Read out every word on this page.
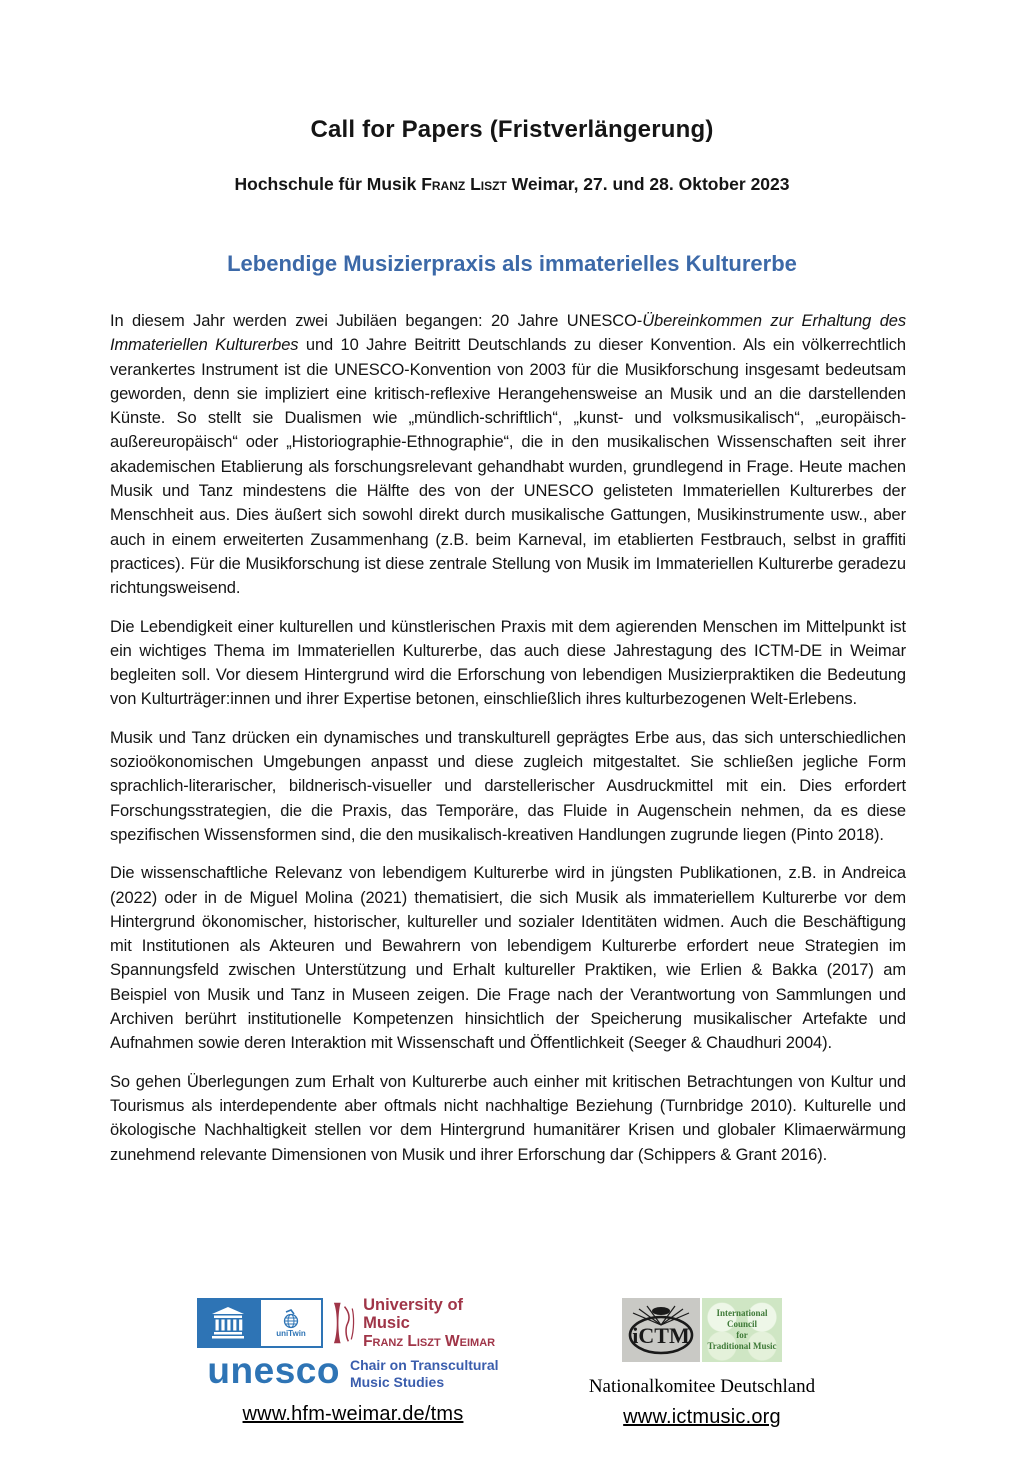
Call for Papers (Fristverlängerung)
Hochschule für Musik Franz Liszt Weimar, 27. und 28. Oktober 2023
Lebendige Musizierpraxis als immaterielles Kulturerbe

In diesem Jahr werden zwei Jubiläen begangen: 20 Jahre UNESCO-Übereinkommen zur Erhaltung des Immateriellen Kulturerbes und 10 Jahre Beitritt Deutschlands zu dieser Konvention. Als ein völkerrechtlich verankertes Instrument ist die UNESCO-Konvention von 2003 für die Musikforschung insgesamt bedeutsam geworden, denn sie impliziert eine kritisch-reflexive Herangehensweise an Musik und an die darstellenden Künste. So stellt sie Dualismen wie „mündlich-schriftlich“, „kunst- und volksmusikalisch“, „europäisch-außereuropäisch“ oder „Historiographie-Ethnographie“, die in den musikalischen Wissenschaften seit ihrer akademischen Etablierung als forschungsrelevant gehandhabt wurden, grundlegend in Frage. Heute machen Musik und Tanz mindestens die Hälfte des von der UNESCO gelisteten Immateriellen Kulturerbes der Menschheit aus. Dies äußert sich sowohl direkt durch musikalische Gattungen, Musikinstrumente usw., aber auch in einem erweiterten Zusammenhang (z.B. beim Karneval, im etablierten Festbrauch, selbst in graffiti practices). Für die Musikforschung ist diese zentrale Stellung von Musik im Immateriellen Kulturerbe geradezu richtungsweisend.

Die Lebendigkeit einer kulturellen und künstlerischen Praxis mit dem agierenden Menschen im Mittelpunkt ist ein wichtiges Thema im Immateriellen Kulturerbe, das auch diese Jahrestagung des ICTM-DE in Weimar begleiten soll. Vor diesem Hintergrund wird die Erforschung von lebendigen Musizierpraktiken die Bedeutung von Kulturträger:innen und ihrer Expertise betonen, einschließlich ihres kulturbezogenen Welt-Erlebens.

Musik und Tanz drücken ein dynamisches und transkulturell geprägtes Erbe aus, das sich unterschiedlichen sozioökonomischen Umgebungen anpasst und diese zugleich mitgestaltet. Sie schließen jegliche Form sprachlich-literarischer, bildnerisch-visueller und darstellerischer Ausdruckmittel mit ein. Dies erfordert Forschungsstrategien, die die Praxis, das Temporäre, das Fluide in Augenschein nehmen, da es diese spezifischen Wissensformen sind, die den musikalisch-kreativen Handlungen zugrunde liegen (Pinto 2018).

Die wissenschaftliche Relevanz von lebendigem Kulturerbe wird in jüngsten Publikationen, z.B. in Andreica (2022) oder in de Miguel Molina (2021) thematisiert, die sich Musik als immateriellem Kulturerbe vor dem Hintergrund ökonomischer, historischer, kultureller und sozialer Identitäten widmen. Auch die Beschäftigung mit Institutionen als Akteuren und Bewahrern von lebendigem Kulturerbe erfordert neue Strategien im Spannungsfeld zwischen Unterstützung und Erhalt kultureller Praktiken, wie Erlien & Bakka (2017) am Beispiel von Musik und Tanz in Museen zeigen. Die Frage nach der Verantwortung von Sammlungen und Archiven berührt institutionelle Kompetenzen hinsichtlich der Speicherung musikalischer Artefakte und Aufnahmen sowie deren Interaktion mit Wissenschaft und Öffentlichkeit (Seeger & Chaudhuri 2004).

So gehen Überlegungen zum Erhalt von Kulturerbe auch einher mit kritischen Betrachtungen von Kultur und Tourismus als interdependente aber oftmals nicht nachhaltige Beziehung (Turnbridge 2010). Kulturelle und ökologische Nachhaltigkeit stellen vor dem Hintergrund humanitärer Krisen und globaler Klimaerwärmung zunehmend relevante Dimensionen von Musik und ihrer Erforschung dar (Schippers & Grant 2016).

uniTwin
University of Music
Franz Liszt Weimar
unesco Chair on Transcultural
Music Studies
www.hfm-weimar.de/tms
iCTM
International Council
for
Traditional Music
Nationalkomitee Deutschland
www.ictmusic.org
